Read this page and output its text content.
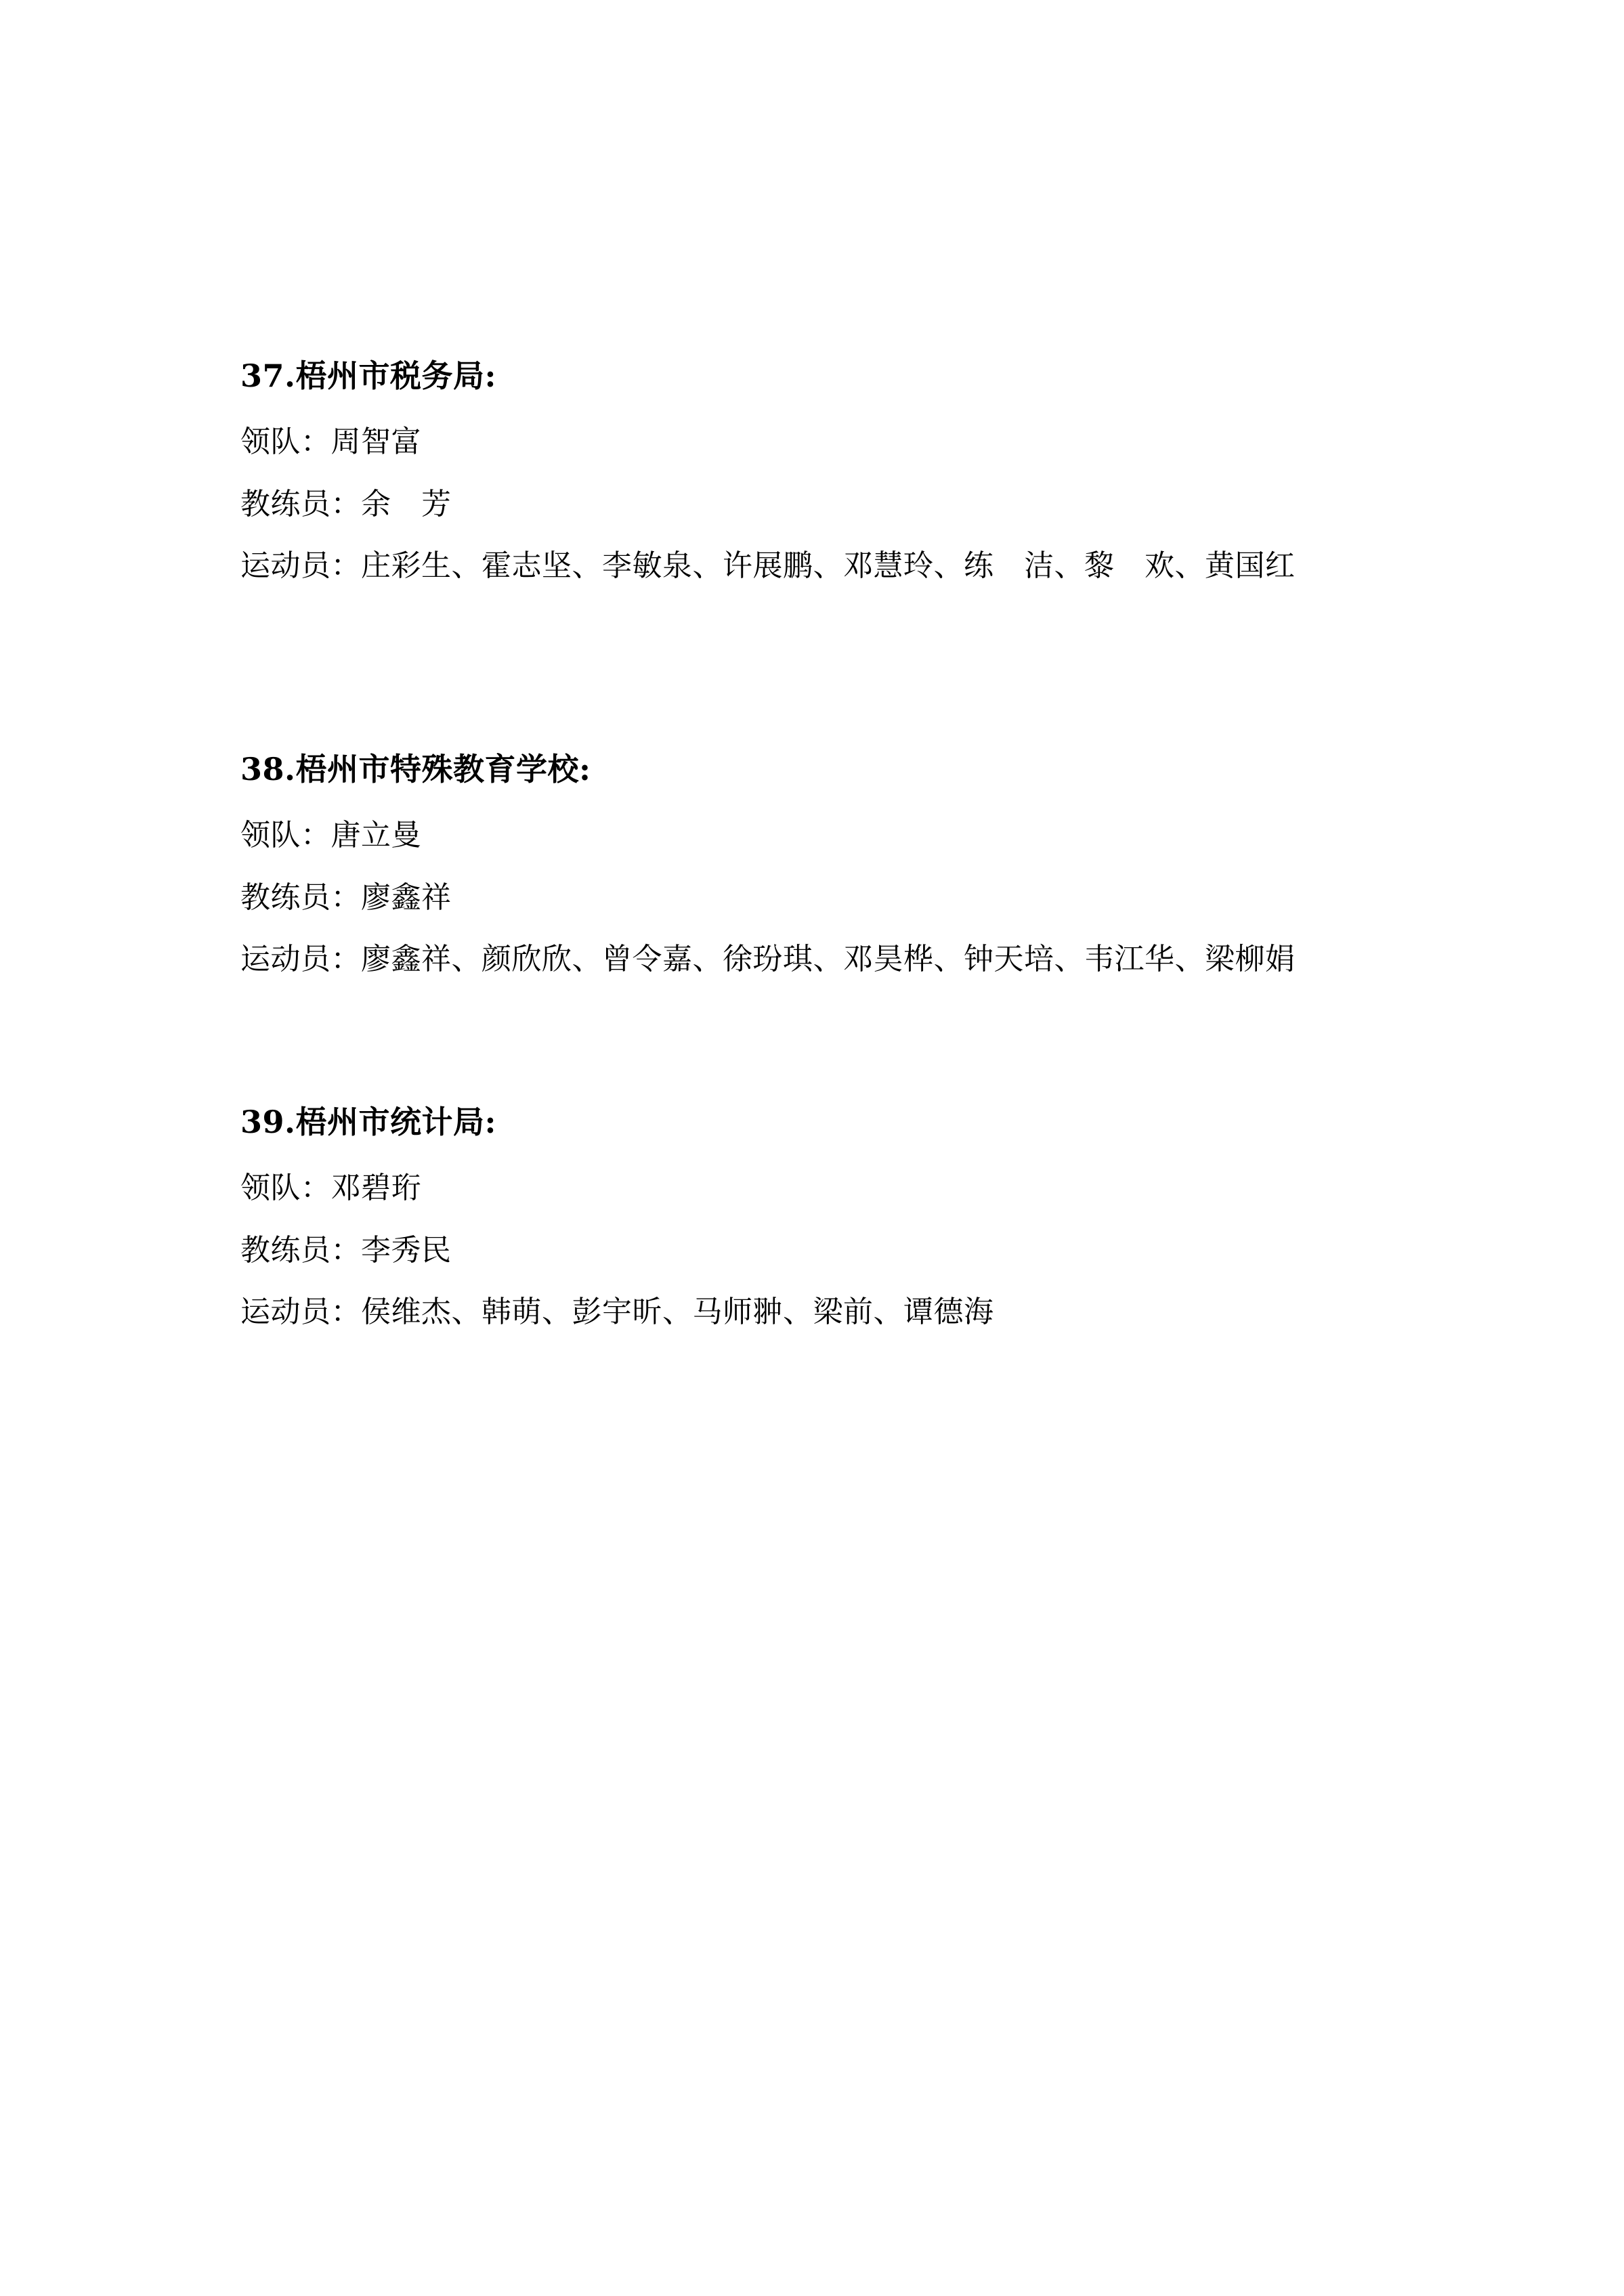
37.梧州市税务局:
领队：周智富
教练员：余　芳
运动员：庄彩生、霍志坚、李敏泉、许展鹏、邓慧玲、练　洁、黎　欢、黄国红
38.梧州市特殊教育学校:
领队：唐立曼
教练员：廖鑫祥
运动员：廖鑫祥、颜欣欣、曾令嘉、徐玢琪、邓昊桦、钟天培、韦江华、梁柳娟
39.梧州市统计局:
领队：邓碧珩
教练员：李秀民
运动员：侯维杰、韩萌、彭宇昕、马师翀、梁前、谭德海
